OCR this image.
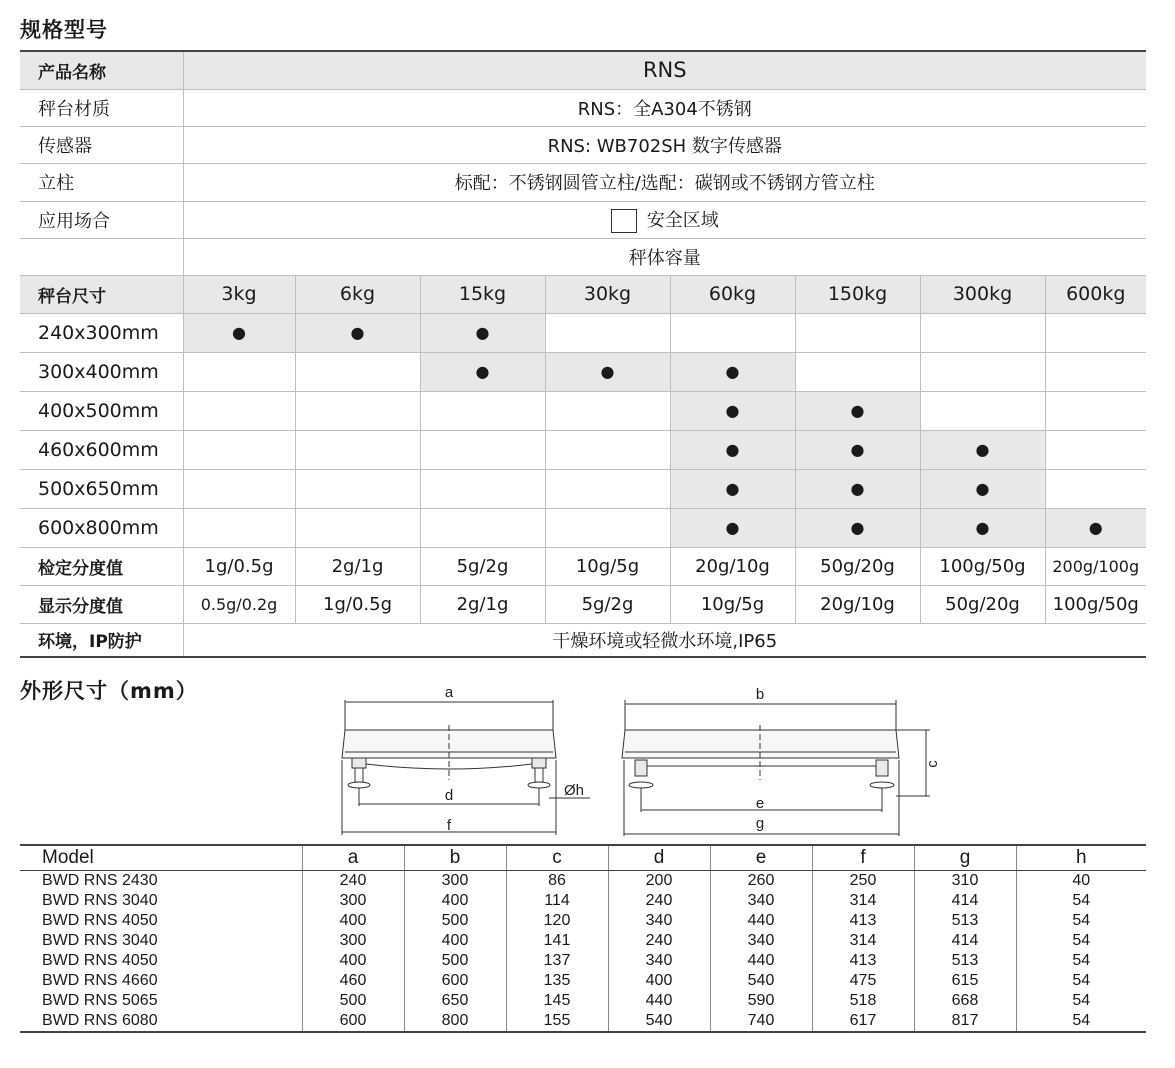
规格型号
产品名称	RNS							
秤台材质	RNS：全A304不锈钢							
传感器	RNS: WB702SH 数字传感器							
立柱	标配：不锈钢圆管立柱/选配：碳钢或不锈钢方管立柱							
应用场合	安全区域							
	秤体容量							
秤台尺寸	3kg	6kg	15kg	30kg	60kg	150kg	300kg	600kg
240x300mm	●	●	●					
300x400mm			●	●	●			
400x500mm					●	●		
460x600mm					●	●	●	
500x650mm					●	●	●	
600x800mm					●	●	●	●
检定分度值	1g/0.5g	2g/1g	5g/2g	10g/5g	20g/10g	50g/20g	100g/50g	200g/100g
显示分度值	0.5g/0.2g	1g/0.5g	2g/1g	5g/2g	10g/5g	20g/10g	50g/20g	100g/50g
环境，IP防护	干燥环境或轻微水环境,IP65							
外形尺寸（mm）	a
d
f
Øh
b
e
g
c
Model	a	b	c	d	e	f	g	h
BWD RNS 2430	240	300	86	200	260	250	310	40
BWD RNS 3040	300	400	114	240	340	314	414	54
BWD RNS 4050	400	500	120	340	440	413	513	54
BWD RNS 3040	300	400	141	240	340	314	414	54
BWD RNS 4050	400	500	137	340	440	413	513	54
BWD RNS 4660	460	600	135	400	540	475	615	54
BWD RNS 5065	500	650	145	440	590	518	668	54
BWD RNS 6080	600	800	155	540	740	617	817	54
